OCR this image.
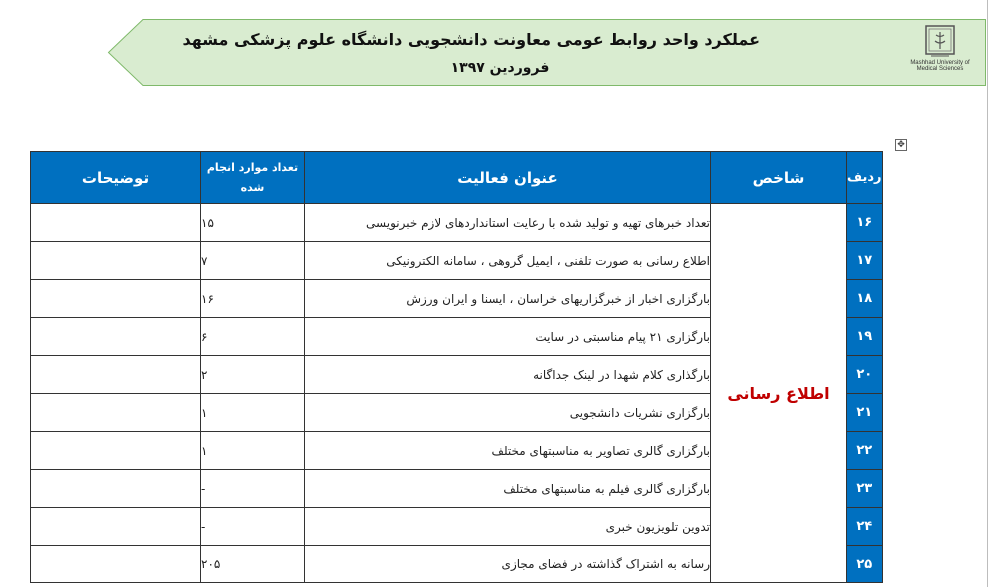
عملکرد واحد روابط عومی معاونت دانشجویی دانشگاه علوم پزشکی مشهد
فروردین ۱۳۹۷	Mashhad University of
Medical Sciences
✥
ردیف	شاخص	عنوان فعالیت	تعداد موارد انجام شده	توضیحات
۱۶	اطلاع رسانی	تعداد خبرهای تهیه و تولید شده با رعایت استانداردهای لازم خبرنویسی	۱۵	
۱۷		اطلاع رسانی به صورت تلفنی ، ایمیل گروهی ، سامانه الکترونیکی	۷	
۱۸		بارگزاری اخبار از خبرگزاریهای خراسان ، ایسنا و ایران ورزش	۱۶	
۱۹		بارگزاری ۲۱ پیام مناسبتی در سایت	۶	
۲۰		بارگذاری کلام شهدا در لینک جداگانه	۲	
۲۱		بارگزاری نشریات دانشجویی	۱	
۲۲		بارگزاری گالری تصاویر به مناسبتهای مختلف	۱	
۲۳		بارگزاری گالری فیلم به مناسبتهای مختلف	-	
۲۴		تدوین تلویزیون خبری	-	
۲۵		رسانه به اشتراک گذاشته در فضای مجازی	۲۰۵	
